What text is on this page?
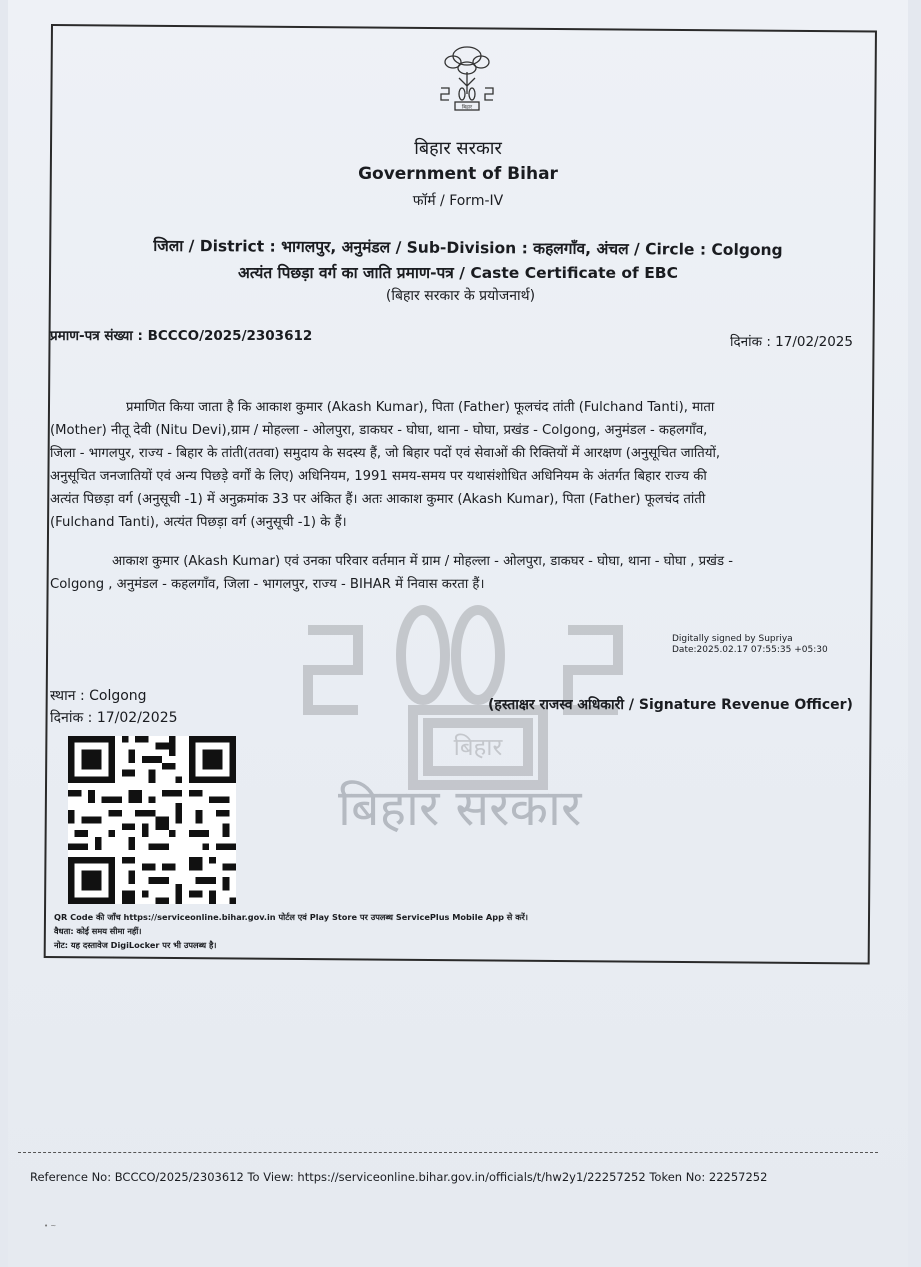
बिहार
बिहार सरकार
Government of Bihar
फॉर्म / Form-IV
जिला / District : भागलपुर, अनुमंडल / Sub-Division : कहलगाँव, अंचल / Circle : Colgong
अत्यंत पिछड़ा वर्ग का जाति प्रमाण-पत्र / Caste Certificate of EBC
(बिहार सरकार के प्रयोजनार्थ)
प्रमाण-पत्र संख्या : BCCCO/2025/2303612	दिनांक : 17/02/2025
बिहार
बिहार सरकार
प्रमाणित किया जाता है कि आकाश कुमार (Akash Kumar), पिता (Father) फूलचंद तांती (Fulchand Tanti), माता
(Mother) नीतू देवी (Nitu Devi),ग्राम / मोहल्ला - ओलपुरा, डाकघर - घोघा, थाना - घोघा, प्रखंड - Colgong, अनुमंडल - कहलगाँव,
जिला - भागलपुर, राज्य - बिहार के तांती(ततवा) समुदाय के सदस्य हैं, जो बिहार पदों एवं सेवाओं की रिक्तियों में आरक्षण (अनुसूचित जातियों,
अनुसूचित जनजातियों एवं अन्य पिछड़े वर्गों के लिए) अधिनियम, 1991 समय-समय पर यथासंशोधित अधिनियम के अंतर्गत बिहार राज्य की
अत्यंत पिछड़ा वर्ग (अनुसूची -1) में अनुक्रमांक 33 पर अंकित हैं। अतः आकाश कुमार (Akash Kumar), पिता (Father) फूलचंद तांती
(Fulchand Tanti), अत्यंत पिछड़ा वर्ग (अनुसूची -1) के हैं।
आकाश कुमार (Akash Kumar) एवं उनका परिवार वर्तमान में ग्राम / मोहल्ला - ओलपुरा, डाकघर - घोघा, थाना - घोघा , प्रखंड -
Colgong , अनुमंडल - कहलगाँव, जिला - भागलपुर, राज्य - BIHAR में निवास करता हैं।
Digitally signed by Supriya
Date:2025.02.17 07:55:35 +05:30
स्थान : Colgong
दिनांक : 17/02/2025
(हस्ताक्षर राजस्व अधिकारी / Signature Revenue Officer)
QR Code की जाँच https://serviceonline.bihar.gov.in पोर्टल एवं Play Store पर उपलब्ध ServicePlus Mobile App से करें।
वैधता: कोई समय सीमा नहीं।
नोट: यह दस्तावेज DigiLocker पर भी उपलब्ध है।
Reference No: BCCCO/2025/2303612 To View: https://serviceonline.bihar.gov.in/officials/t/hw2y1/22257252 Token No: 22257252
• ~
